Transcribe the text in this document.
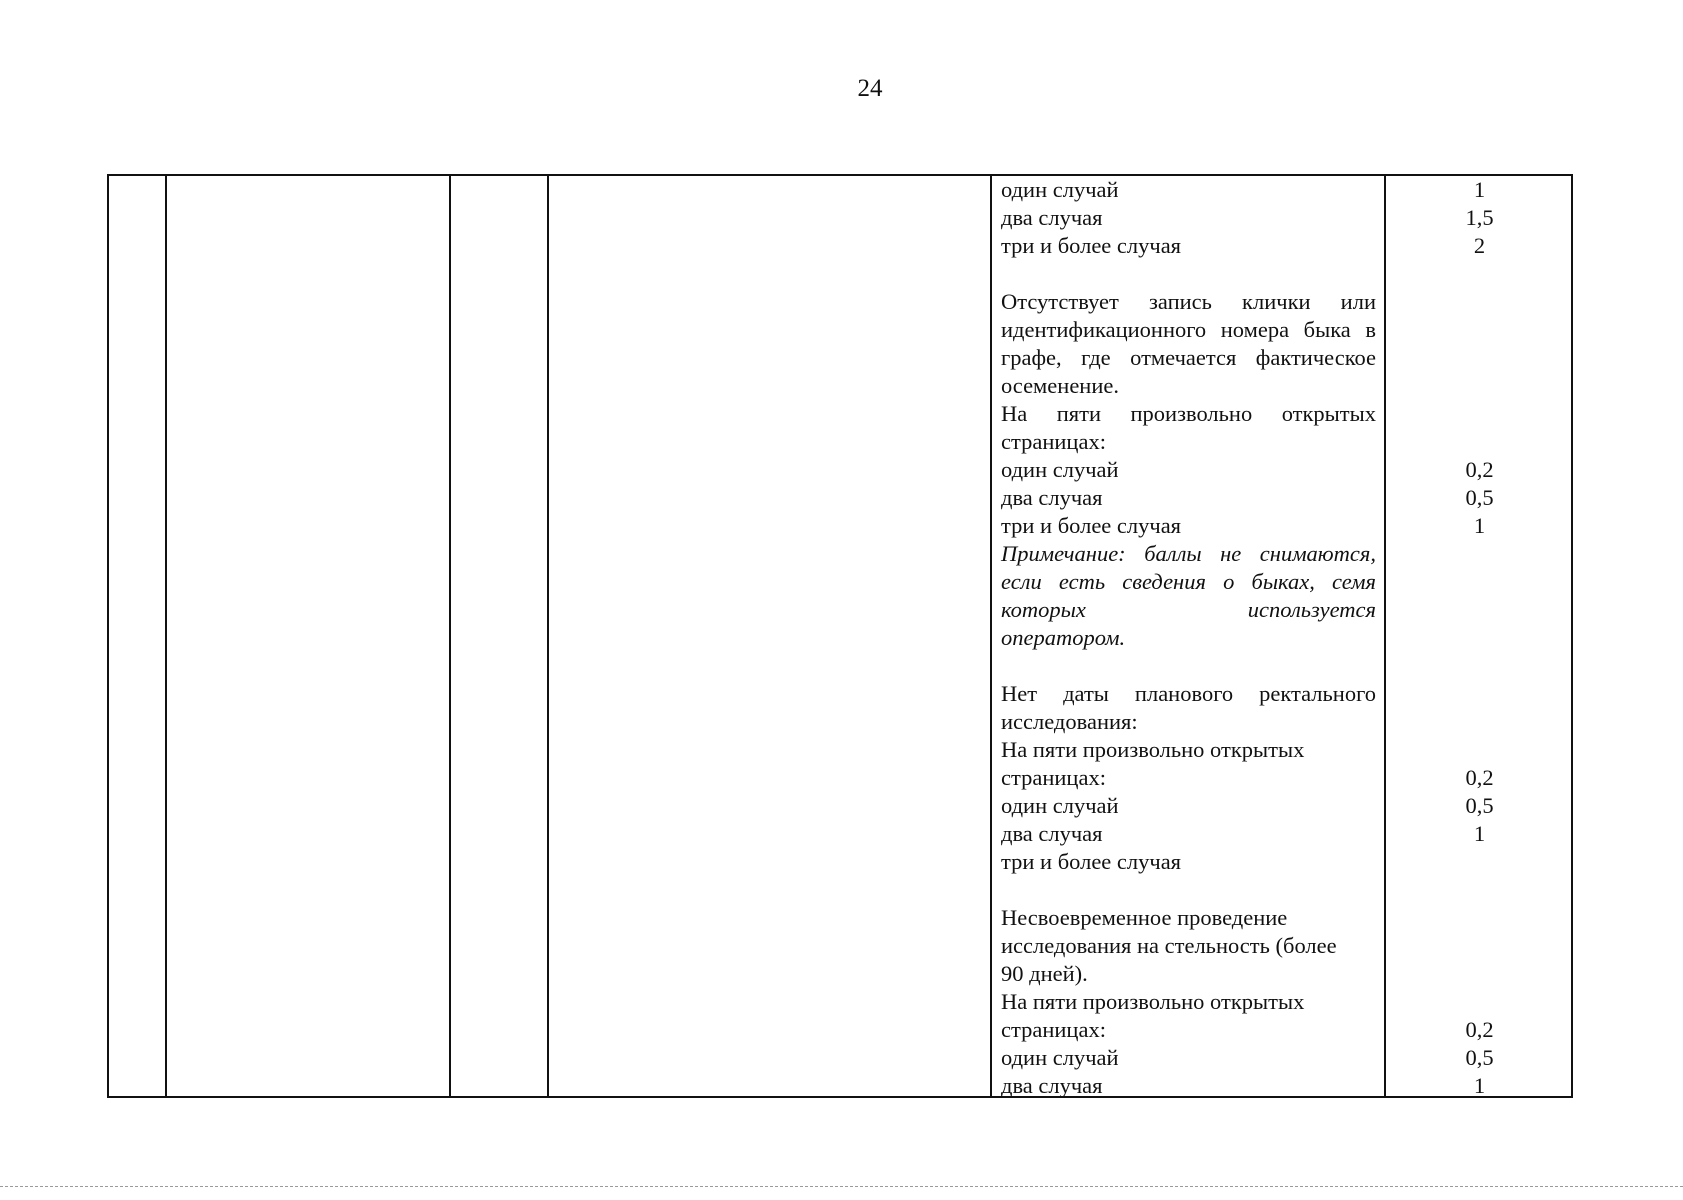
24
один случай
два случая
три и более случая
Отсутствует запись клички или
идентификационного номера быка в
графе, где отмечается фактическое
осеменение.
На пяти произвольно открытых
страницах:
один случай
два случая
три и более случая
Примечание: баллы не снимаются,
если есть сведения о быках, семя
которых используется
оператором.
Нет даты планового ректального
исследования:
На пяти произвольно открытых
страницах:
один случай
два случая
три и более случая
Несвоевременное проведение
исследования на стельность (более
90 дней).
На пяти произвольно открытых
страницах:
один случай
два случая
1
1,5
2
0,2
0,5
1
0,2
0,5
1
0,2
0,5
1
